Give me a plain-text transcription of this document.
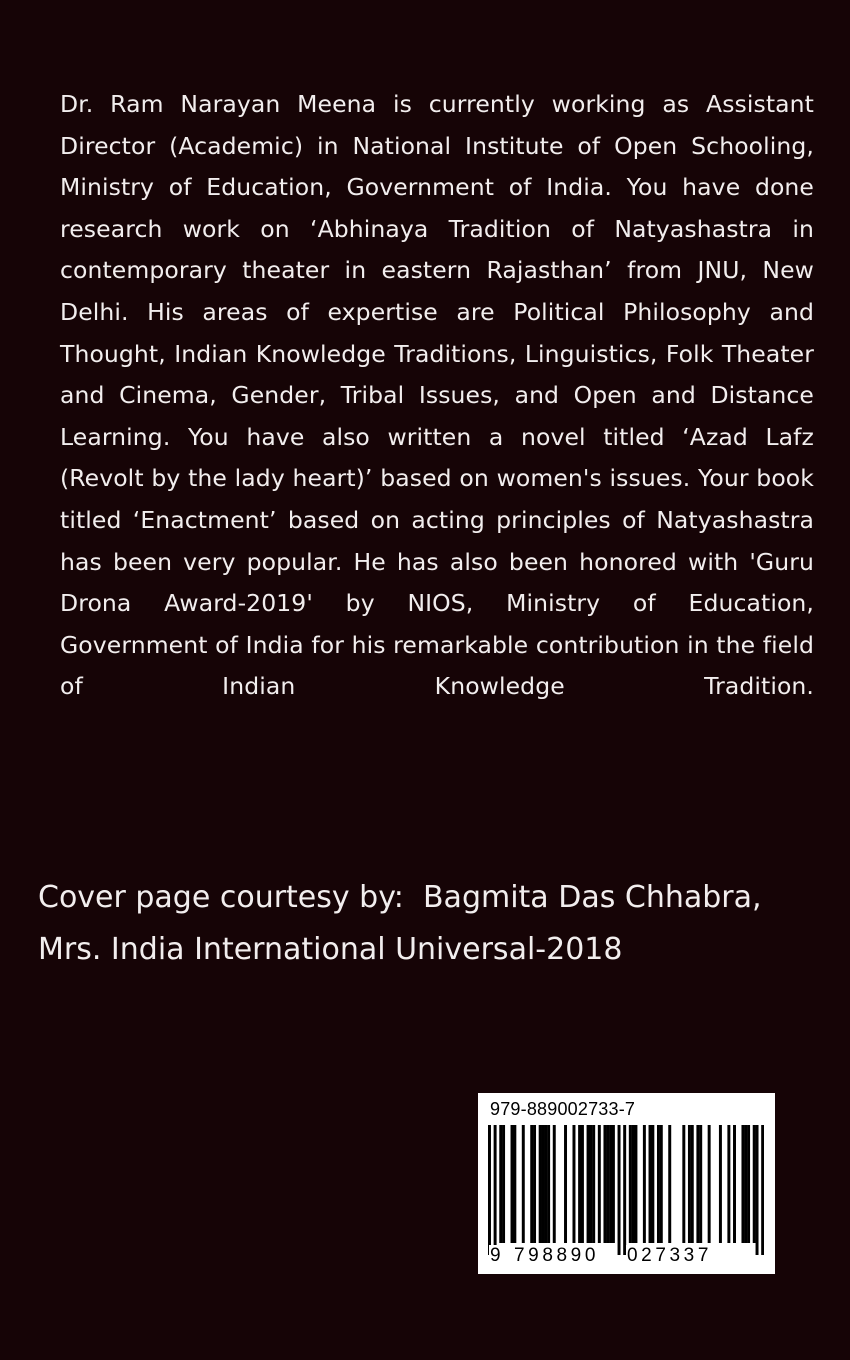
Dr. Ram Narayan Meena is currently working as Assistant Director (Academic) in National Institute of Open Schooling, Ministry of Education, Government of India. You have done research work on ‘Abhinaya Tradition of Natyashastra in contemporary theater in eastern Rajasthan’ from JNU, New Delhi. His areas of expertise are Political Philosophy and Thought, Indian Knowledge Traditions, Linguistics, Folk Theater and Cinema, Gender, Tribal Issues, and Open and Distance Learning. You have also written a novel titled ‘Azad Lafz (Revolt by the lady heart)’ based on women's issues. Your book titled ‘Enactment’ based on acting principles of Natyashastra has been very popular. He has also been honored with 'Guru Drona Award-2019' by NIOS, Ministry of Education, Government of India for his remarkable contribution in the field of Indian Knowledge Tradition.

Cover page courtesy by:  Bagmita Das Chhabra,

Mrs. India International Universal-2018

979-889002733-7
9 798890 027337
